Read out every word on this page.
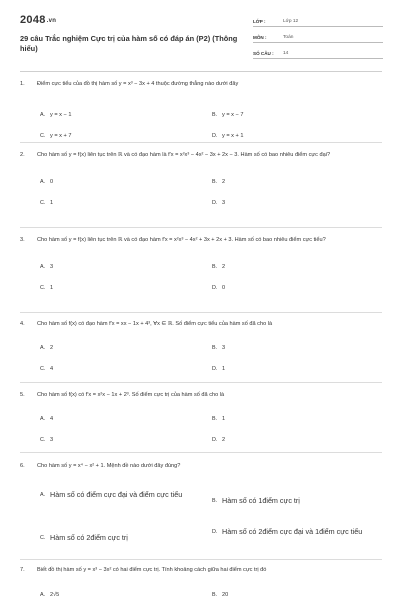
2048.vn
29 câu Trắc nghiệm Cực trị của hàm số có đáp án (P2) (Thông hiểu)
LỚP :	Lớp 12
MÔN :	Toán
SỐ CÂU :	14
1.	Điểm cực tiểu của đồ thị hàm số y = x³ − 3x + 4 thuộc đường thẳng nào dưới đây
A. y = x − 1	B. y = x − 7
C. y = x + 7	D. y = x + 1
2.	Cho hàm số y = f(x) liên tục trên ℝ và có đạo hàm là f′x = x²x³ − 4x² − 3x + 2x − 3. Hàm số có bao nhiêu điểm cực đại?
A. 0	B. 2
C. 1	D. 3
3.	Cho hàm số y = f(x) liên tục trên ℝ và có đạo hàm f′x = x²x³ − 4x² + 3x + 2x + 3. Hàm số có bao nhiêu điểm cực tiểu?
A. 3	B. 2
C. 1	D. 0
4.	Cho hàm số f(x) có đạo hàm f′x = xx − 1x + 4³, ∀x ∈ ℝ. Số điểm cực tiểu của hàm số đã cho là
A. 2	B. 3
C. 4	D. 1
5.	Cho hàm số f(x) có f′x = x²x − 1x + 2³. Số điểm cực trị của hàm số đã cho là
A. 4	B. 1
C. 3	D. 2
6.	Cho hàm số y = x⁴ − x² + 1. Mệnh đề nào dưới đây đúng?
A. Hàm số có điểm cực đại và điểm cực tiểu
B. Hàm số có 1điểm cực trị
C. Hàm số có 2điểm cực trị
D. Hàm số có 2điểm cực đại và 1điểm cực tiểu
7.	Biết đồ thị hàm số y = x³ − 3x² có hai điểm cực trị. Tính khoảng cách giữa hai điểm cực trị đó
A. 2√5	B. 20
